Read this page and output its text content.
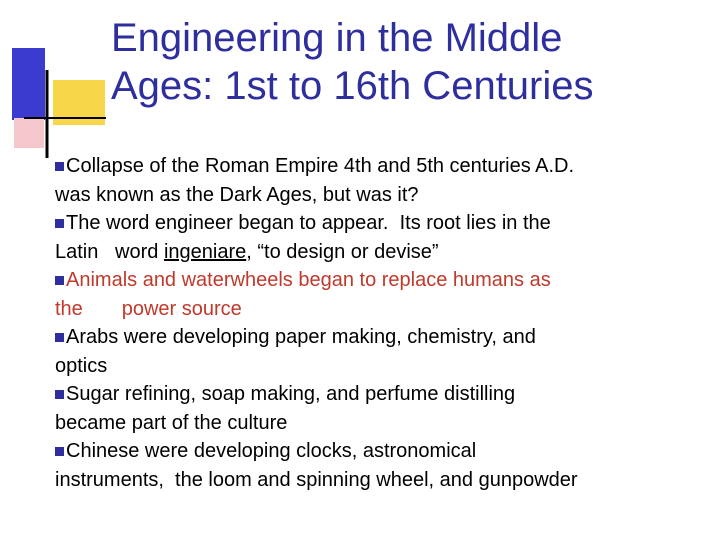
Engineering in the Middle
Ages: 1st to 16th Centuries
Collapse of the Roman Empire 4th and 5th centuries A.D.
was known as the Dark Ages, but was it?
The word engineer began to appear.  Its root lies in the
Latin   word ingeniare, “to design or devise”
Animals and waterwheels began to replace humans as
the       power source
Arabs were developing paper making, chemistry, and
optics
Sugar refining, soap making, and perfume distilling
became part of the culture
Chinese were developing clocks, astronomical
instruments,  the loom and spinning wheel, and gunpowder
